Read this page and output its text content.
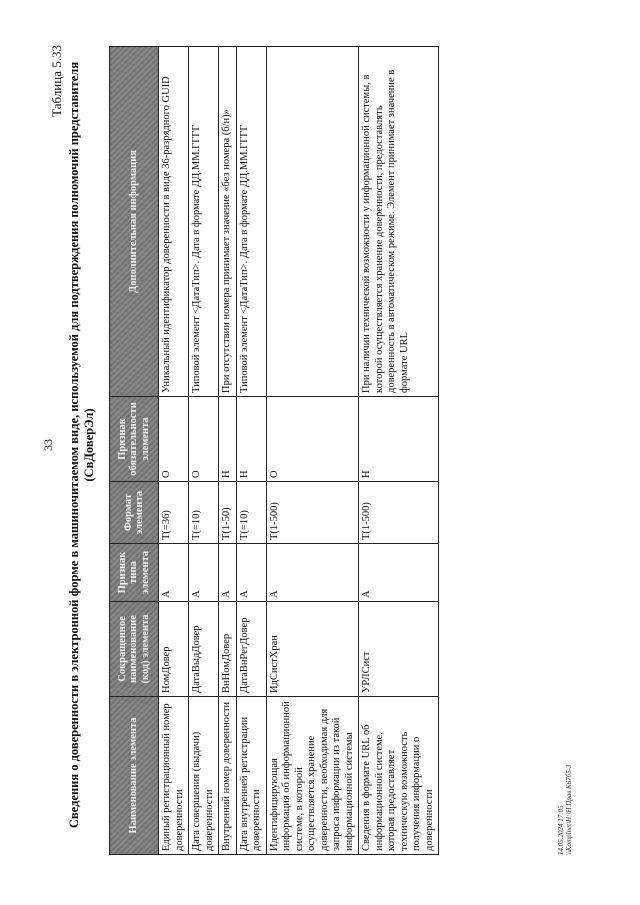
33
Таблица 5.33 Сведения о доверенности в электронной форме в машиночитаемом виде, используемой для подтверждения полномочий представителя (СвДоверЭл)
Наименование элемента	Сокращенное наименование (код) элемента	Признак типа элемента	Формат элемента	Признак обязательности элемента	Дополнительная информация
Единый регистрационный номер доверенности	НомДовер	А	Т(=36)	О	Уникальный идентификатор доверенности в виде 36-разрядного GUID
Дата совершения (выдачи) доверенности	ДатаВыдДовер	А	Т(=10)	О	Типовой элемент <ДатаТип>. Дата в формате ДД.ММ.ГГГГ
Внутренний номер доверенности	ВнНомДовер	А	Т(1-50)	Н	При отсутствии номера принимает значение «без номера (б/н)»
Дата внутренней регистрации доверенности	ДатаВнРегДовер	А	Т(=10)	Н	Типовой элемент <ДатаТип>. Дата в формате ДД.ММ.ГГГГ
Идентифицирующая информация об информационной системе, в которой осуществляется хранение доверенности, необходимая для запроса информации из такой информационной системы	ИдСистХран	А	Т(1-500)	О	
Сведения в формате URL об информационной системе, которая предоставляет техническую возможность получения информации о доверенности	УРЛСист	А	Т(1-500)	Н	При наличии технической возможности у информационной системы, в которой осуществляется хранение доверенности, предоставлять доверенность в автоматическом режиме. Элемент принимает значение в формате URL
14.05.2024 17:05 \\Komplnet\Н:\Н.Прав К67б5-3
